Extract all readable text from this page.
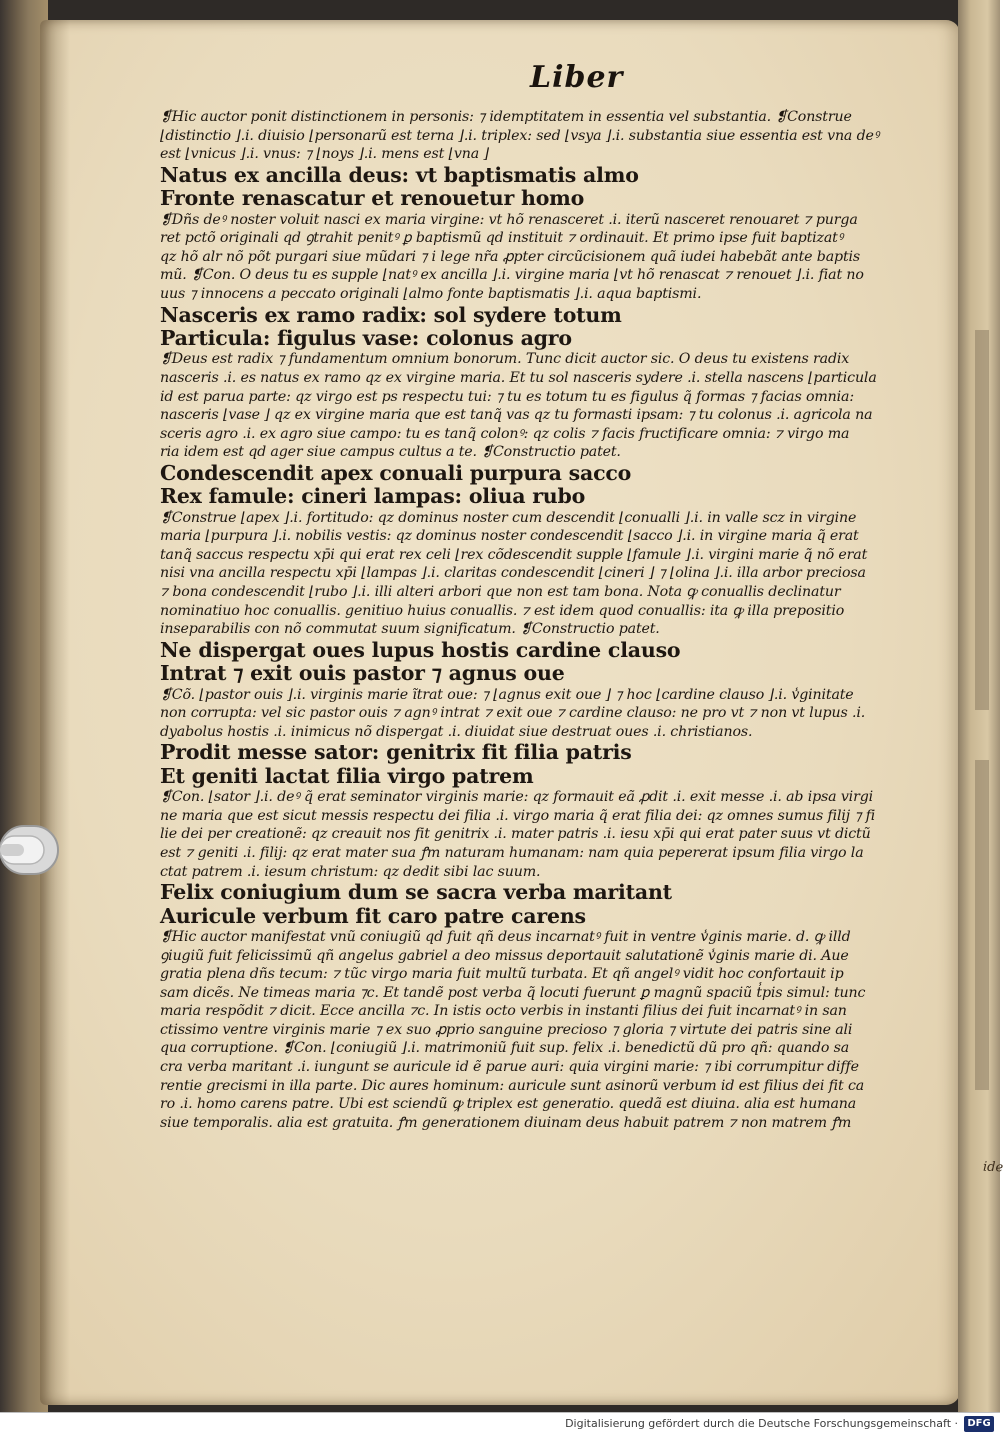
ide
Liber
❡Hic auctor ponit distinctionem in personis: ⁊ idemptitatem in essentia vel substantia. ❡Construe
⌊distinctio ⌋.i. diuisio ⌊personarũ est terna ⌋.i. triplex: sed ⌊vsya ⌋.i. substantia siue essentia est vna deꝰ
est ⌊vnicus ⌋.i. vnus: ⁊ ⌊noys ⌋.i. mens est ⌊vna ⌋
Natus ex ancilla deus: vt baptismatis almo
Fronte renascatur et renouetur homo
❡Dñs deꝰ noster voluit nasci ex maria virgine: vt hõ renasceret .i. iterũ nasceret renouaret ⁊ purga
ret pctõ originali qd ꝯtrahit penitꝰ ꝑ baptismũ qd instituit ⁊ ordinauit. Et primo ipse fuit baptizatꝰ
qz hõ alr nõ põt purgari siue mũdari ⁊ i lege nr̃a ꝓpter circũcisionem quã iudei habebãt ante baptis
mũ. ❡Con. O deus tu es supple ⌊natꝰ ex ancilla ⌋.i. virgine maria ⌊vt hõ renascat ⁊ renouet ⌋.i. fiat no
uus ⁊ innocens a peccato originali ⌊almo fonte baptismatis ⌋.i. aqua baptismi.
Nasceris ex ramo radix: sol sydere totum
Particula: figulus vase: colonus agro
❡Deus est radix ⁊ fundamentum omnium bonorum. Tunc dicit auctor sic. O deus tu existens radix
nasceris .i. es natus ex ramo qz ex virgine maria. Et tu sol nasceris sydere .i. stella nascens ⌊particula
id est parua parte: qz virgo est ps respectu tui: ⁊ tu es totum tu es figulus q̃ formas ⁊ facias omnia:
nasceris ⌊vase ⌋ qz ex virgine maria que est tanq̃ vas qz tu formasti ipsam: ⁊ tu colonus .i. agricola na
sceris agro .i. ex agro siue campo: tu es tanq̃ colonꝰ: qz colis ⁊ facis fructificare omnia: ⁊ virgo ma
ria idem est qd ager siue campus cultus a te. ❡Constructio patet.
Condescendit apex conuali purpura sacco
Rex famule: cineri lampas: oliua rubo
❡Construe ⌊apex ⌋.i. fortitudo: qz dominus noster cum descendit ⌊conualli ⌋.i. in valle scz in virgine
maria ⌊purpura ⌋.i. nobilis vestis: qz dominus noster condescendit ⌊sacco ⌋.i. in virgine maria q̃ erat
tanq̃ saccus respectu xp̄i qui erat rex celi ⌊rex cõdescendit supple ⌊famule ⌋.i. virgini marie q̃ nõ erat
nisi vna ancilla respectu xp̄i ⌊lampas ⌋.i. claritas condescendit ⌊cineri ⌋ ⁊ ⌊olina ⌋.i. illa arbor preciosa
⁊ bona condescendit ⌊rubo ⌋.i. illi alteri arbori que non est tam bona. Nota ꝙ conuallis declinatur
nominatiuo hoc conuallis. genitiuo huius conuallis. ⁊ est idem quod conuallis: ita ꝙ illa prepositio
inseparabilis con nõ commutat suum significatum. ❡Constructio patet.
Ne dispergat oues lupus hostis cardine clauso
Intrat ⁊ exit ouis pastor ⁊ agnus oue
❡Cõ. ⌊pastor ouis ⌋.i. virginis marie ĩtrat oue: ⁊ ⌊agnus exit oue ⌋ ⁊ hoc ⌊cardine clauso ⌋.i. v̾ginitate
non corrupta: vel sic pastor ouis ⁊ agnꝰ intrat ⁊ exit oue ⁊ cardine clauso: ne pro vt ⁊ non vt lupus .i.
dyabolus hostis .i. inimicus nõ dispergat .i. diuidat siue destruat oues .i. christianos.
Prodit messe sator: genitrix fit filia patris
Et geniti lactat filia virgo patrem
❡Con. ⌊sator ⌋.i. deꝰ q̃ erat seminator virginis marie: qz formauit eã ꝓdit .i. exit messe .i. ab ipsa virgi
ne maria que est sicut messis respectu dei filia .i. virgo maria q̃ erat filia dei: qz omnes sumus filij ⁊ fi
lie dei per creationẽ: qz creauit nos fit genitrix .i. mater patris .i. iesu xp̄i qui erat pater suus vt dictũ
est ⁊ geniti .i. filij: qz erat mater sua ꝭm naturam humanam: nam quia pepererat ipsum filia virgo la
ctat patrem .i. iesum christum: qz dedit sibi lac suum.
Felix coniugium dum se sacra verba maritant
Auricule verbum fit caro patre carens
❡Hic auctor manifestat vnũ coniugiũ qd fuit qñ deus incarnatꝰ fuit in ventre v̾ginis marie. d. ꝙ illd
ꝯiugiũ fuit felicissimũ qñ angelus gabriel a deo missus deportauit salutationẽ v̾ginis marie di. Aue
gratia plena dñs tecum: ⁊ tũc virgo maria fuit multũ turbata. Et qñ angelꝰ vidit hoc confortauit ip
sam dicẽs. Ne timeas maria ⁊c. Et tandẽ post verba q̃ locuti fuerunt ꝑ magnũ spaciũ t̾pis simul: tunc
maria respõdit ⁊ dicit. Ecce ancilla ⁊c. In istis octo verbis in instanti filius dei fuit incarnatꝰ in san
ctissimo ventre virginis marie ⁊ ex suo ꝓprio sanguine precioso ⁊ gloria ⁊ virtute dei patris sine ali
qua corruptione. ❡Con. ⌊coniugiũ ⌋.i. matrimoniũ fuit sup. felix .i. benedictũ dũ pro qñ: quando sa
cra verba maritant .i. iungunt se auricule id ẽ parue auri: quia virgini marie: ⁊ ibi corrumpitur diffe
rentie grecismi in illa parte. Dic aures hominum: auricule sunt asinorũ verbum id est filius dei fit ca
ro .i. homo carens patre. Ubi est sciendũ ꝙ triplex est generatio. quedã est diuina. alia est humana
siue temporalis. alia est gratuita. ꝭm generationem diuinam deus habuit patrem ⁊ non matrem ꝭm
Digitalisierung gefördert durch die Deutsche Forschungsgemeinschaft · DFG
